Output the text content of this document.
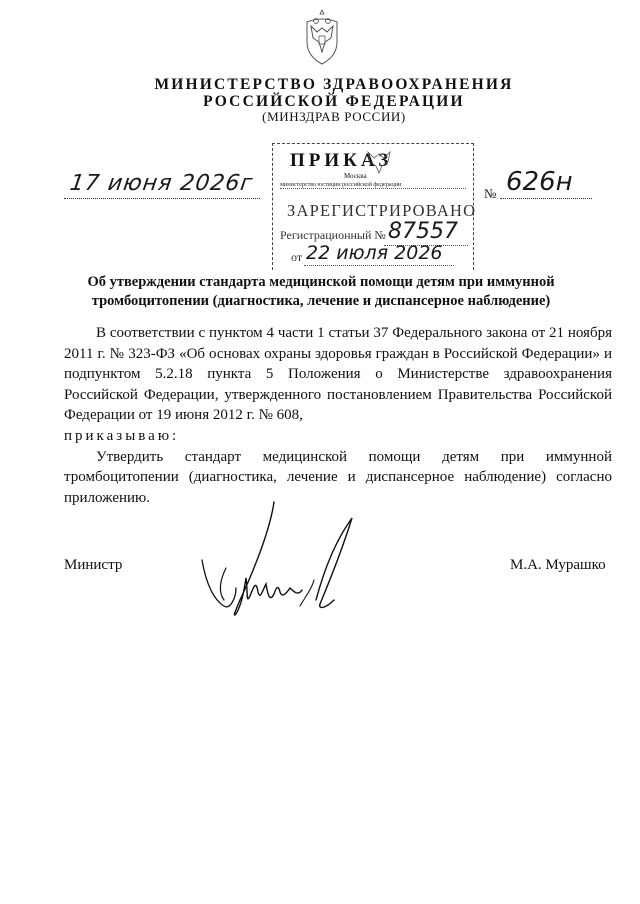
МИНИСТЕРСТВО ЗДРАВООХРАНЕНИЯ
РОССИЙСКОЙ ФЕДЕРАЦИИ
(МИНЗДРАВ РОССИИ)
17 июня 2026г	№ 626н
ПРИКАЗ
Москва
министерство юстиции российской федерации
ЗАРЕГИСТРИРОВАНО
Регистрационный № 87557
от 22 июля 2026
Об утверждении стандарта медицинской помощи детям при иммунной
тромбоцитопении (диагностика, лечение и диспансерное наблюдение)

В соответствии с пунктом 4 части 1 статьи 37 Федерального закона от 21 ноября 2011 г. № 323-ФЗ «Об основах охраны здоровья граждан в Российской Федерации» и подпунктом 5.2.18 пункта 5 Положения о Министерстве здравоохранения Российской Федерации, утвержденного постановлением Правительства Российской Федерации от 19 июня 2012 г. № 608,

приказываю:

Утвердить стандарт медицинской помощи детям при иммунной тромбоцитопении (диагностика, лечение и диспансерное наблюдение) согласно приложению.

Министр	М.А. Мурашко
